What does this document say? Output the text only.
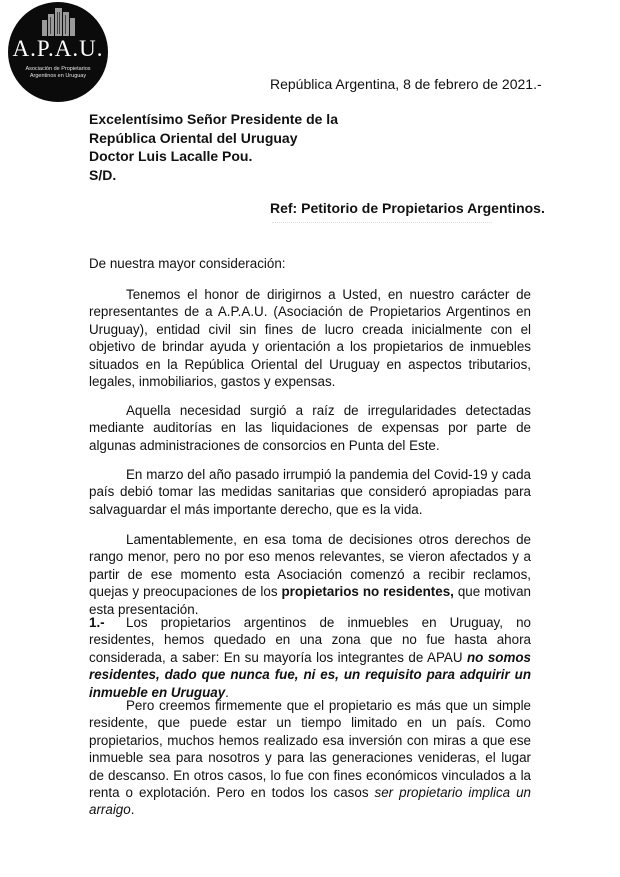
A.P.A.U.
Asociación de Propietarios
Argentinos en Uruguay	República Argentina, 8 de febrero de 2021.-
Excelentísimo Señor Presidente de la
República Oriental del Uruguay
Doctor Luis Lacalle Pou.
S/D.
Ref: Petitorio de Propietarios Argentinos.
De nuestra mayor consideración:

Tenemos el honor de dirigirnos a Usted, en nuestro carácter de representantes de a A.P.A.U. (Asociación de Propietarios Argentinos en Uruguay), entidad civil sin fines de lucro creada inicialmente con el objetivo de brindar ayuda y orientación a los propietarios de inmuebles situados en la República Oriental del Uruguay en aspectos tributarios, legales, inmobiliarios, gastos y expensas.

Aquella necesidad surgió a raíz de irregularidades detectadas mediante auditorías en las liquidaciones de expensas por parte de algunas administraciones de consorcios en Punta del Este.

En marzo del año pasado irrumpió la pandemia del Covid-19 y cada país debió tomar las medidas sanitarias que consideró apropiadas para salvaguardar el más importante derecho, que es la vida.

Lamentablemente, en esa toma de decisiones otros derechos de rango menor, pero no por eso menos relevantes, se vieron afectados y a partir de ese momento esta Asociación comenzó a recibir reclamos, quejas y preocupaciones de los propietarios no residentes, que motivan esta presentación.

1.- Los propietarios argentinos de inmuebles en Uruguay, no residentes, hemos quedado en una zona que no fue hasta ahora considerada, a saber: En su mayoría los integrantes de APAU no somos residentes, dado que nunca fue, ni es, un requisito para adquirir un inmueble en Uruguay.

Pero creemos firmemente que el propietario es más que un simple residente, que puede estar un tiempo limitado en un país. Como propietarios, muchos hemos realizado esa inversión con miras a que ese inmueble sea para nosotros y para las generaciones venideras, el lugar de descanso. En otros casos, lo fue con fines económicos vinculados a la renta o explotación. Pero en todos los casos ser propietario implica un arraigo.
